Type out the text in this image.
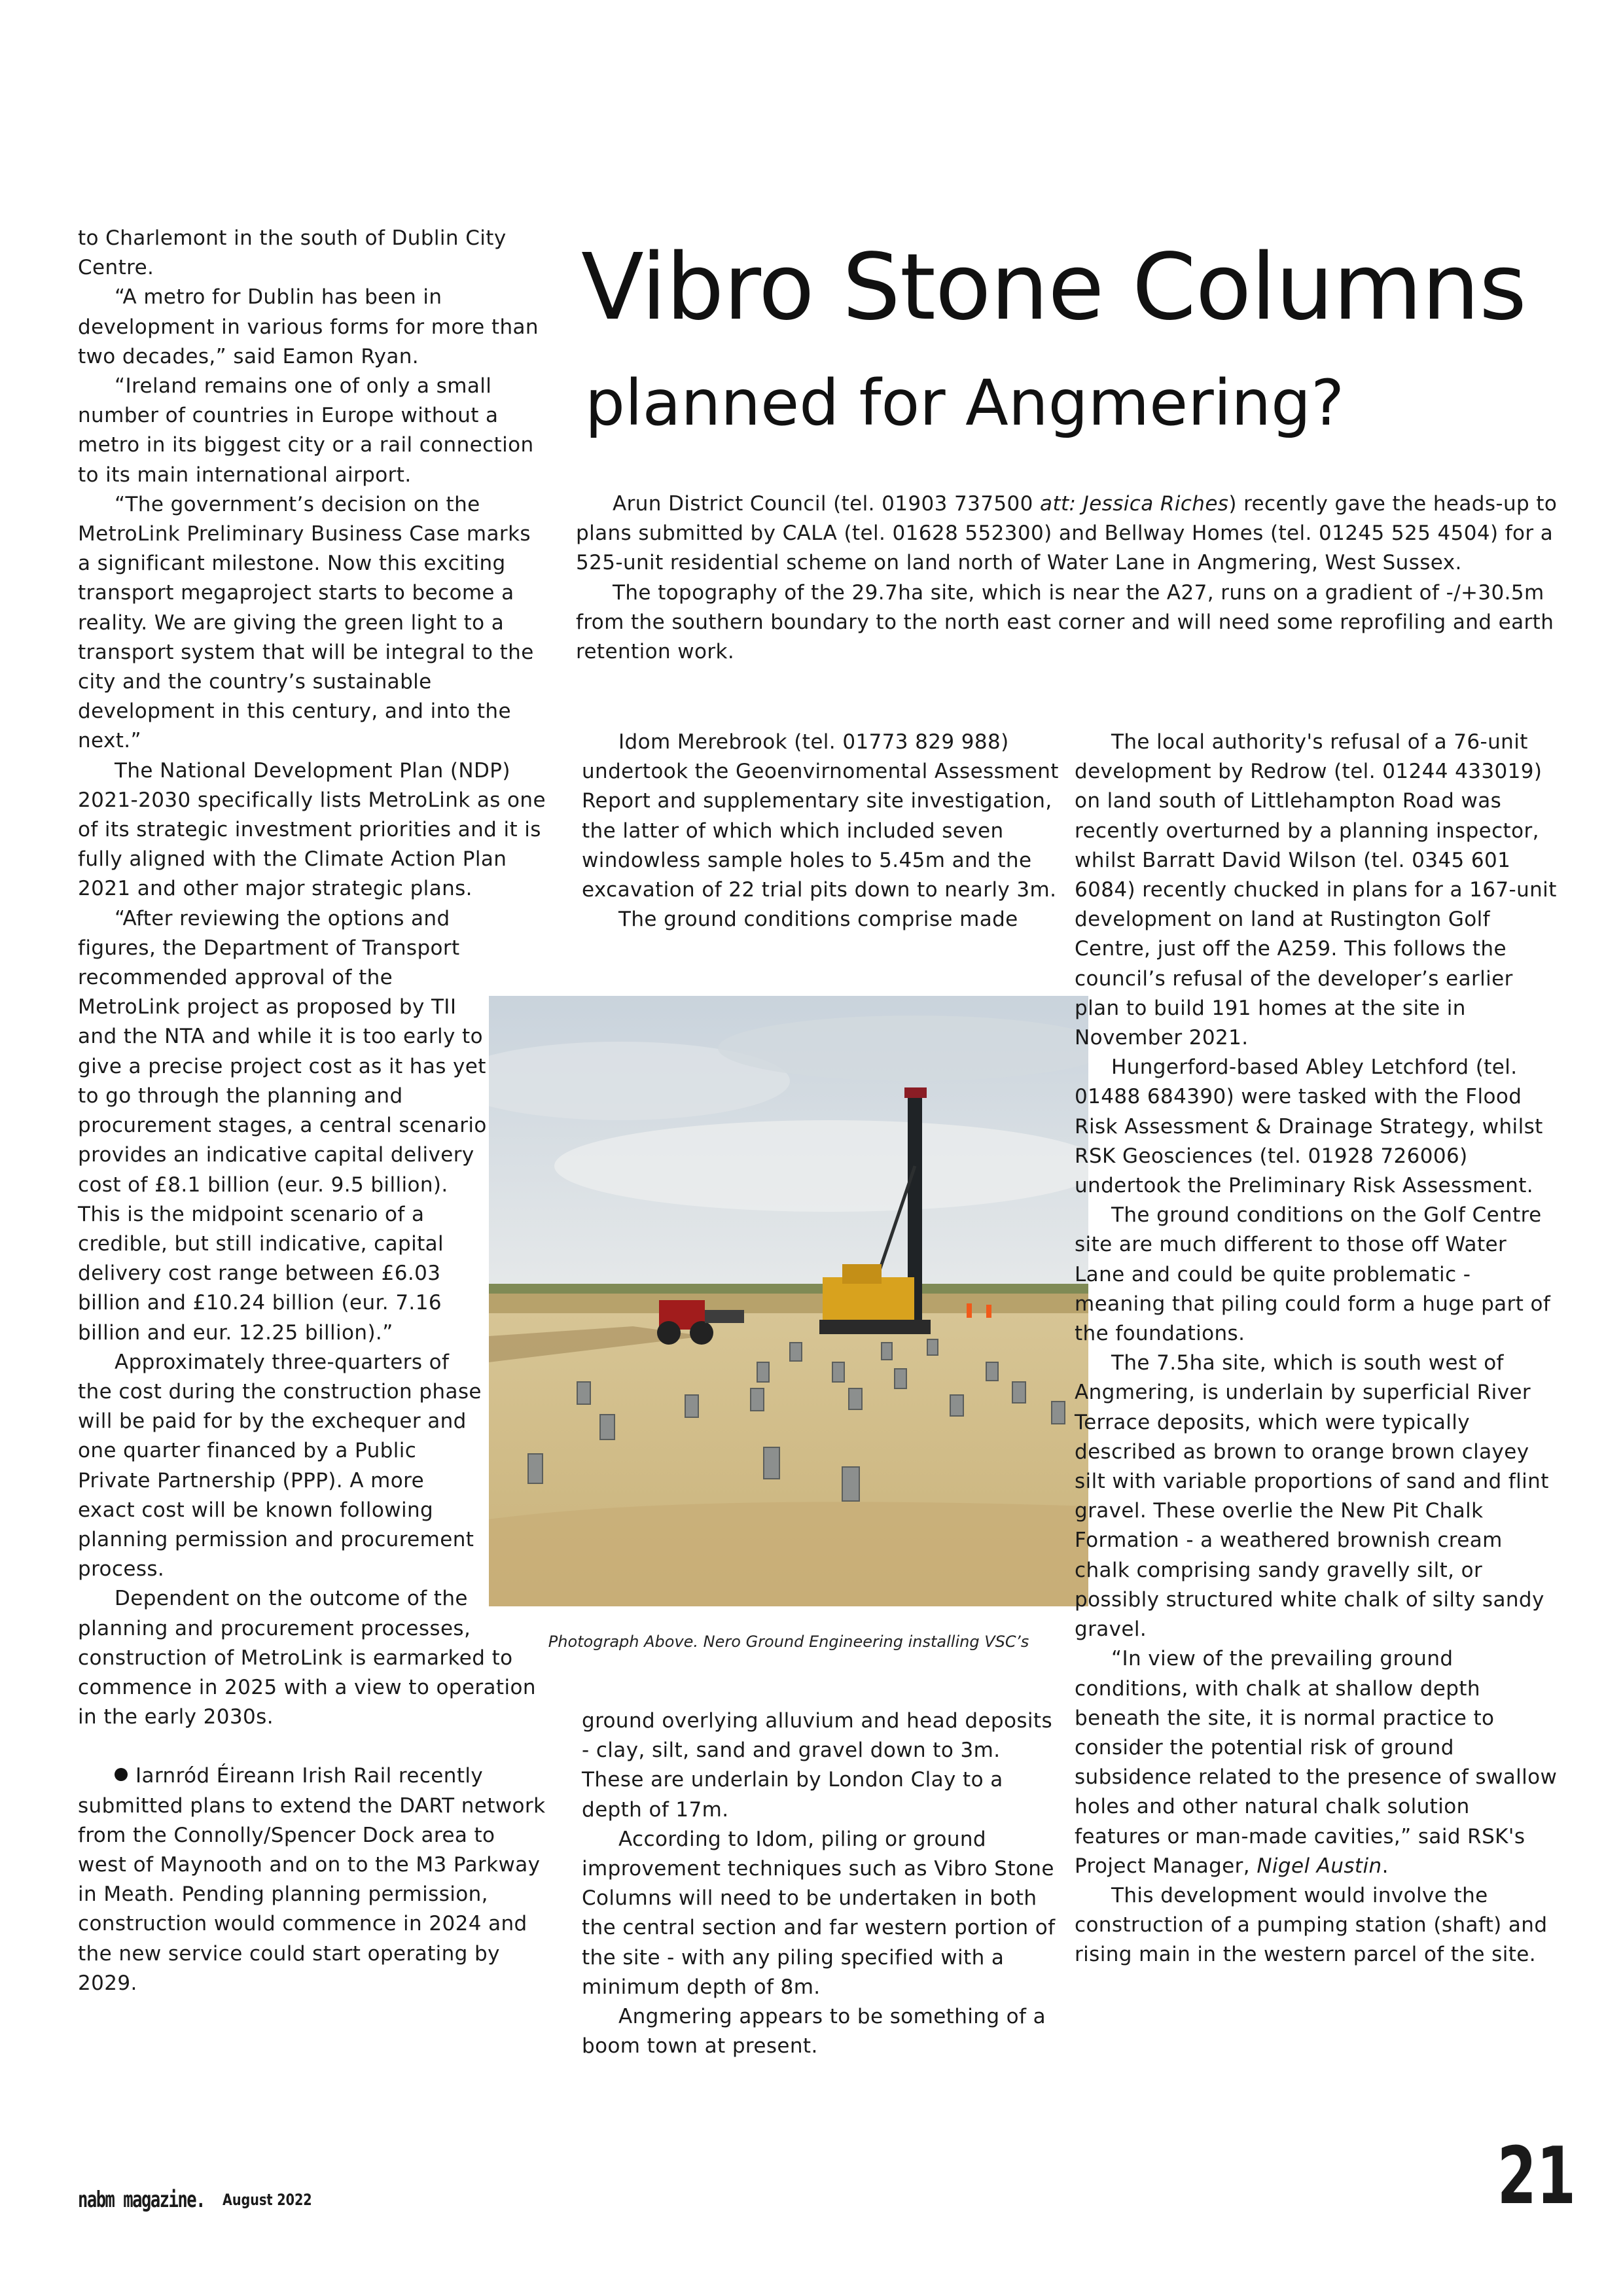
to Charlemont in the south of Dublin City Centre.

“A metro for Dublin has been in development in various forms for more than two decades,” said Eamon Ryan.

“Ireland remains one of only a small number of countries in Europe without a metro in its biggest city or a rail connection to its main international airport.

“The government’s decision on the MetroLink Preliminary Business Case marks a significant milestone. Now this exciting transport megaproject starts to become a reality. We are giving the green light to a transport system that will be integral to the city and the country’s sustainable development in this century, and into the next.”

The National Development Plan (NDP) 2021-2030 specifically lists MetroLink as one of its strategic investment priorities and it is fully aligned with the Climate Action Plan 2021 and other major strategic plans.

“After reviewing the options and figures, the Department of Transport recommended approval of the MetroLink project as proposed by TII and the NTA and while it is too early to give a precise project cost as it has yet to go through the planning and procurement stages, a central scenario provides an indicative capital delivery cost of £8.1 billion (eur. 9.5 billion). This is the midpoint scenario of a credible, but still indicative, capital delivery cost range between £6.03 billion and £10.24 billion (eur. 7.16 billion and eur. 12.25 billion).”

Approximately three-quarters of the cost during the construction phase will be paid for by the exchequer and one quarter financed by a Public Private Partnership (PPP). A more exact cost will be known following planning permission and procurement process.

Dependent on the outcome of the planning and procurement processes, construction of MetroLink is earmarked to commence in 2025 with a view to operation in the early 2030s.

Iarnród Éireann Irish Rail recently submitted plans to extend the DART network from the Connolly/Spencer Dock area to west of Maynooth and on to the M3 Parkway in Meath. Pending planning permission, construction would commence in 2024 and the new service could start operating by 2029.

Vibro Stone Columns
planned for Angmering?

Arun District Council (tel. 01903 737500 att: Jessica Riches) recently gave the heads-up to plans submitted by CALA (tel. 01628 552300) and Bellway Homes (tel. 01245 525 4504) for a 525-unit residential scheme on land north of Water Lane in Angmering, West Sussex.

The topography of the 29.7ha site, which is near the A27, runs on a gradient of -/+30.5m from the southern boundary to the north east corner and will need some reprofiling and earth retention work.

Idom Merebrook (tel. 01773 829 988) undertook the Geoenvirnomental Assessment Report and supplementary site investigation, the latter of which which included seven windowless sample holes to 5.45m and the excavation of 22 trial pits down to nearly 3m.

The ground conditions comprise made

Photograph Above. Nero Ground Engineering installing VSC’s

ground overlying alluvium and head deposits - clay, silt, sand and gravel down to 3m. These are underlain by London Clay to a depth of 17m.

According to Idom, piling or ground improvement techniques such as Vibro Stone Columns will need to be undertaken in both the central section and far western portion of the site - with any piling specified with a minimum depth of 8m.

Angmering appears to be something of a boom town at present.

The local authority's refusal of a 76-unit development by Redrow (tel. 01244 433019) on land south of Littlehampton Road was recently overturned by a planning inspector, whilst Barratt David Wilson (tel. 0345 601 6084) recently chucked in plans for a 167-unit development on land at Rustington Golf Centre, just off the A259. This follows the council’s refusal of the developer’s earlier plan to build 191 homes at the site in November 2021.

Hungerford-based Abley Letchford (tel. 01488 684390) were tasked with the Flood Risk Assessment & Drainage Strategy, whilst RSK Geosciences (tel. 01928 726006) undertook the Preliminary Risk Assessment.

The ground conditions on the Golf Centre site are much different to those off Water Lane and could be quite problematic - meaning that piling could form a huge part of the foundations.

The 7.5ha site, which is south west of Angmering, is underlain by superficial River Terrace deposits, which were typically described as brown to orange brown clayey silt with variable proportions of sand and flint gravel. These overlie the New Pit Chalk Formation - a weathered brownish cream chalk comprising sandy gravelly silt, or possibly structured white chalk of silty sandy gravel.

“In view of the prevailing ground conditions, with chalk at shallow depth beneath the site, it is normal practice to consider the potential risk of ground subsidence related to the presence of swallow holes and other natural chalk solution features or man-made cavities,” said RSK's Project Manager, Nigel Austin.

This development would involve the construction of a pumping station (shaft) and rising main in the western parcel of the site.

nabm magazine. August 2022	21
